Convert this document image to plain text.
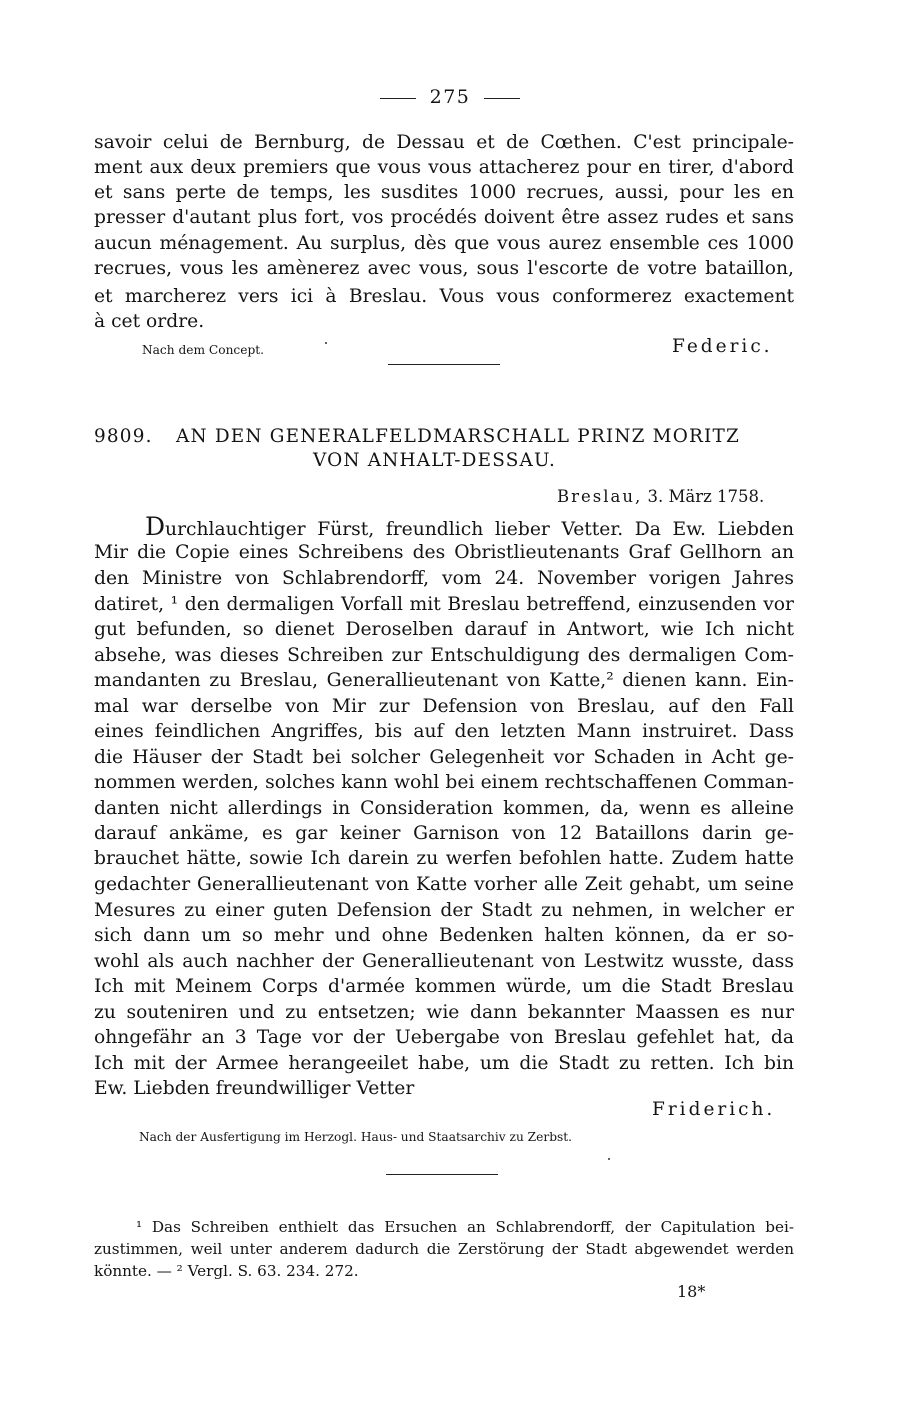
275
savoir celui de Bernburg, de Dessau et de Cœthen. C'est principale-
ment aux deux premiers que vous vous attacherez pour en tirer, d'abord
et sans perte de temps, les susdites 1000 recrues, aussi, pour les en
presser d'autant plus fort, vos procédés doivent être assez rudes et sans
aucun ménagement. Au surplus, dès que vous aurez ensemble ces 1000
recrues, vous les amènerez avec vous, sous l'escorte de votre bataillon,
et marcherez vers ici à Breslau. Vous vous conformerez exactement
à cet ordre.
Nach dem Concept.	Federic.
9809. AN DEN GENERALFELDMARSCHALL PRINZ MORITZ
VON ANHALT-DESSAU.
Breslau, 3. März 1758.
Durchlauchtiger Fürst, freundlich lieber Vetter. Da Ew. Liebden
Mir die Copie eines Schreibens des Obristlieutenants Graf Gellhorn an
den Ministre von Schlabrendorff, vom 24. November vorigen Jahres
datiret, ¹ den dermaligen Vorfall mit Breslau betreffend, einzusenden vor
gut befunden, so dienet Deroselben darauf in Antwort, wie Ich nicht
absehe, was dieses Schreiben zur Entschuldigung des dermaligen Com-
mandanten zu Breslau, Generallieutenant von Katte,² dienen kann. Ein-
mal war derselbe von Mir zur Defension von Breslau, auf den Fall
eines feindlichen Angriffes, bis auf den letzten Mann instruiret. Dass
die Häuser der Stadt bei solcher Gelegenheit vor Schaden in Acht ge-
nommen werden, solches kann wohl bei einem rechtschaffenen Comman-
danten nicht allerdings in Consideration kommen, da, wenn es alleine
darauf ankäme, es gar keiner Garnison von 12 Bataillons darin ge-
brauchet hätte, sowie Ich darein zu werfen befohlen hatte. Zudem hatte
gedachter Generallieutenant von Katte vorher alle Zeit gehabt, um seine
Mesures zu einer guten Defension der Stadt zu nehmen, in welcher er
sich dann um so mehr und ohne Bedenken halten können, da er so-
wohl als auch nachher der Generallieutenant von Lestwitz wusste, dass
Ich mit Meinem Corps d'armée kommen würde, um die Stadt Breslau
zu souteniren und zu entsetzen; wie dann bekannter Maassen es nur
ohngefähr an 3 Tage vor der Uebergabe von Breslau gefehlet hat, da
Ich mit der Armee herangeeilet habe, um die Stadt zu retten. Ich bin
Ew. Liebden freundwilliger Vetter
Friderich.
Nach der Ausfertigung im Herzogl. Haus- und Staatsarchiv zu Zerbst.
¹ Das Schreiben enthielt das Ersuchen an Schlabrendorff, der Capitulation bei-
zustimmen, weil unter anderem dadurch die Zerstörung der Stadt abgewendet werden
könnte. — ² Vergl. S. 63. 234. 272.
18*
